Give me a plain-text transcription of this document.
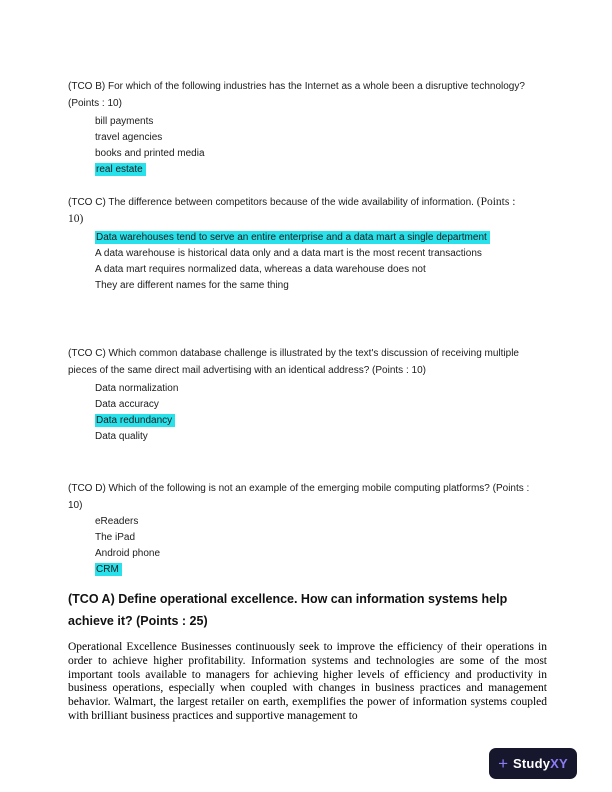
(TCO B) For which of the following industries has the Internet as a whole been a disruptive technology?
(Points : 10)
bill payments
travel agencies
books and printed media
real estate
(TCO C) The difference between competitors because of the wide availability of information. (Points :
10)
Data warehouses tend to serve an entire enterprise and a data mart a single department
A data warehouse is historical data only and a data mart is the most recent transactions
A data mart requires normalized data, whereas a data warehouse does not
They are different names for the same thing
(TCO C) Which common database challenge is illustrated by the text's discussion of receiving multiple
pieces of the same direct mail advertising with an identical address? (Points : 10)
Data normalization
Data accuracy
Data redundancy
Data quality
(TCO D) Which of the following is not an example of the emerging mobile computing platforms? (Points :
10)
eReaders
The iPad
Android phone
CRM
(TCO A) Define operational excellence. How can information systems help
achieve it? (Points : 25)
Operational Excellence Businesses continuously seek to improve the efficiency of their operations in order to achieve higher profitability. Information systems and technologies are some of the most important tools available to managers for achieving higher levels of efficiency and productivity in business operations, especially when coupled with changes in business practices and management behavior. Walmart, the largest retailer on earth, exemplifies the power of information systems coupled with brilliant business practices and supportive management to
+ Study XY
